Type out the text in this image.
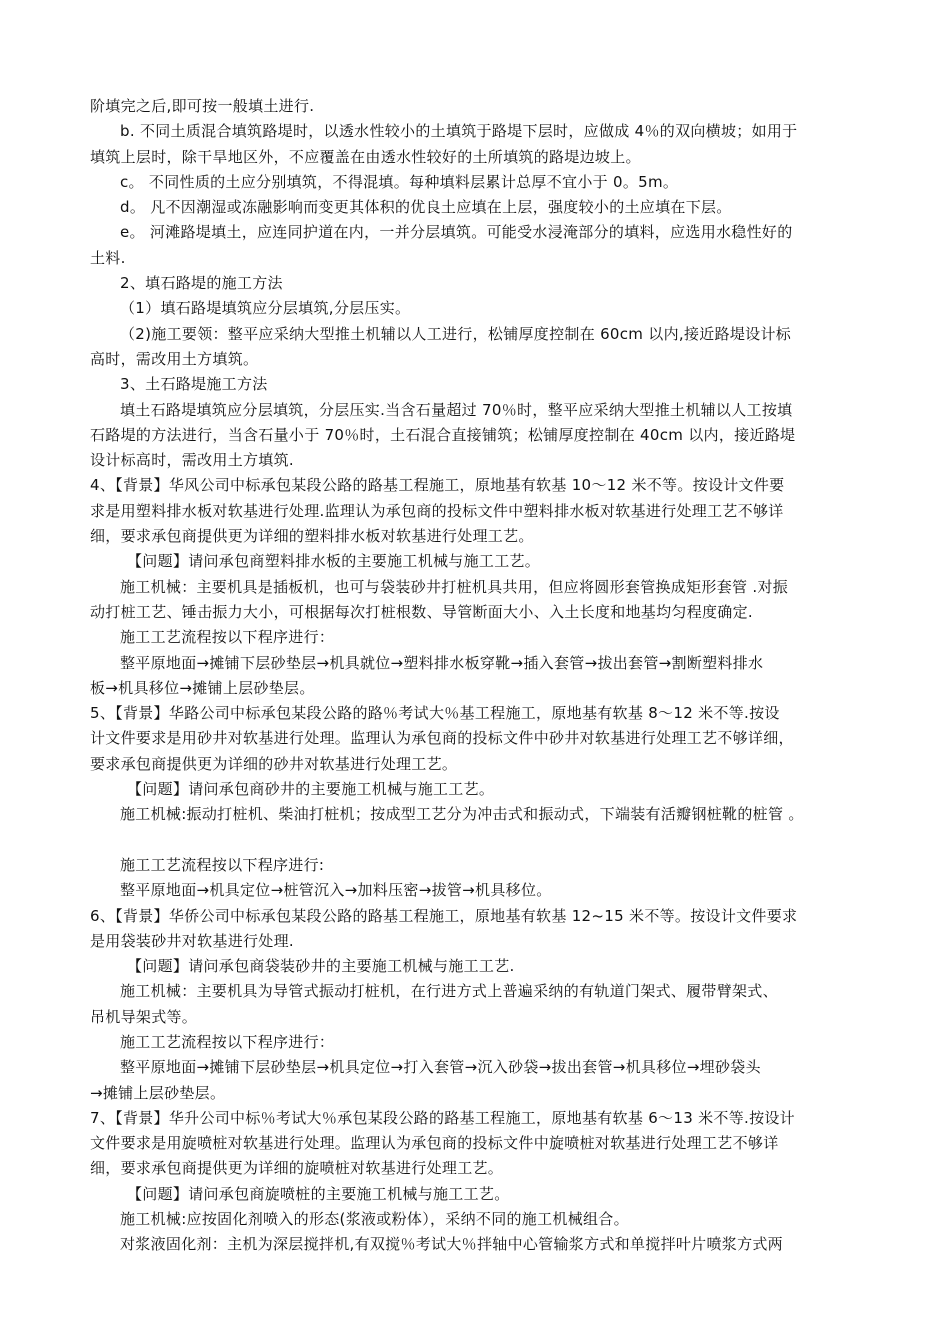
阶填完之后,即可按一般填土进行.
b. 不同土质混合填筑路堤时，以透水性较小的土填筑于路堤下层时，应做成 4％的双向横坡；如用于
填筑上层时，除干旱地区外，不应覆盖在由透水性较好的土所填筑的路堤边坡上。
c。 不同性质的土应分别填筑，不得混填。每种填料层累计总厚不宜小于 0。5m。
d。 凡不因潮湿或冻融影响而变更其体积的优良土应填在上层，强度较小的土应填在下层。
e。 河滩路堤填土，应连同护道在内，一并分层填筑。可能受水浸淹部分的填料，应选用水稳性好的
土料.
2、填石路堤的施工方法
（1）填石路堤填筑应分层填筑,分层压实。
（2)施工要领：整平应采纳大型推土机辅以人工进行，松铺厚度控制在 60cm 以内,接近路堤设计标
高时，需改用土方填筑。
3、土石路堤施工方法
填土石路堤填筑应分层填筑，分层压实.当含石量超过 70％时，整平应采纳大型推土机辅以人工按填
石路堤的方法进行，当含石量小于 70％时，土石混合直接铺筑；松铺厚度控制在 40cm 以内，接近路堤
设计标高时，需改用土方填筑.
4、【背景】华风公司中标承包某段公路的路基工程施工，原地基有软基 10～12 米不等。按设计文件要
求是用塑料排水板对软基进行处理.监理认为承包商的投标文件中塑料排水板对软基进行处理工艺不够详
细，要求承包商提供更为详细的塑料排水板对软基进行处理工艺。
【问题】请问承包商塑料排水板的主要施工机械与施工工艺。
施工机械：主要机具是插板机，也可与袋装砂井打桩机具共用，但应将圆形套管换成矩形套管 .对振
动打桩工艺、锤击振力大小，可根据每次打桩根数、导管断面大小、入土长度和地基均匀程度确定.
施工工艺流程按以下程序进行：
整平原地面→摊铺下层砂垫层→机具就位→塑料排水板穿靴→插入套管→拔出套管→割断塑料排水
板→机具移位→摊铺上层砂垫层。
5、【背景】华路公司中标承包某段公路的路％考试大％基工程施工，原地基有软基 8～12 米不等.按设
计文件要求是用砂井对软基进行处理。监理认为承包商的投标文件中砂井对软基进行处理工艺不够详细，
要求承包商提供更为详细的砂井对软基进行处理工艺。
【问题】请问承包商砂井的主要施工机械与施工工艺。
施工机械:振动打桩机、柴油打桩机；按成型工艺分为冲击式和振动式，下端装有活瓣钢桩靴的桩管 。
施工工艺流程按以下程序进行:
整平原地面→机具定位→桩管沉入→加料压密→拔管→机具移位。
6、【背景】华侨公司中标承包某段公路的路基工程施工，原地基有软基 12~15 米不等。按设计文件要求
是用袋装砂井对软基进行处理.
【问题】请问承包商袋装砂井的主要施工机械与施工工艺.
施工机械：主要机具为导管式振动打桩机，在行进方式上普遍采纳的有轨道门架式、履带臂架式、
吊机导架式等。
施工工艺流程按以下程序进行：
整平原地面→摊铺下层砂垫层→机具定位→打入套管→沉入砂袋→拔出套管→机具移位→埋砂袋头
→摊铺上层砂垫层。
7、【背景】华升公司中标％考试大％承包某段公路的路基工程施工，原地基有软基 6～13 米不等.按设计
文件要求是用旋喷桩对软基进行处理。监理认为承包商的投标文件中旋喷桩对软基进行处理工艺不够详
细，要求承包商提供更为详细的旋喷桩对软基进行处理工艺。
【问题】请问承包商旋喷桩的主要施工机械与施工工艺。
施工机械:应按固化剂喷入的形态(浆液或粉体），采纳不同的施工机械组合。
对浆液固化剂：主机为深层搅拌机,有双搅％考试大％拌轴中心管输浆方式和单搅拌叶片喷浆方式两
